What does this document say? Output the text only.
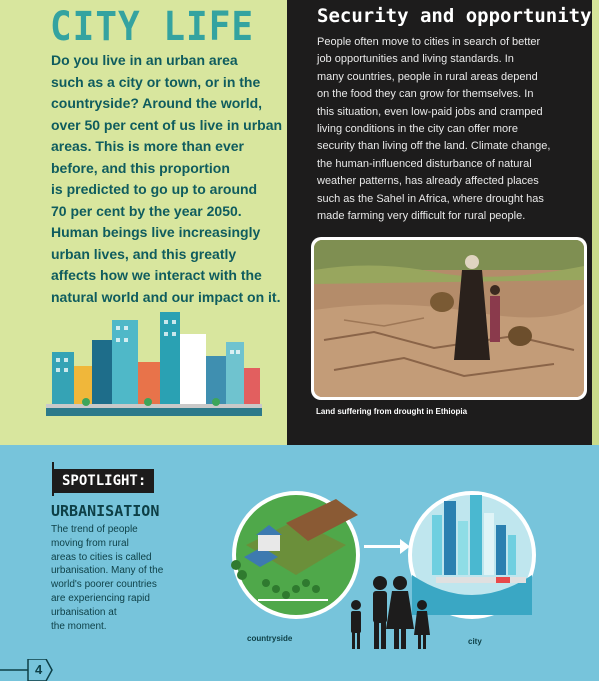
CITY LIFE
Do you live in an urban area
such as a city or town, or in the
countryside? Around the world,
over 50 per cent of us live in urban
areas. This is more than ever
before, and this proportion
is predicted to go up to around
70 per cent by the year 2050.
Human beings live increasingly
urban lives, and this greatly
affects how we interact with the
natural world and our impact on it.
Security and opportunity
People often move to cities in search of better
job opportunities and living standards. In
many countries, people in rural areas depend
on the food they can grow for themselves. In
this situation, even low-paid jobs and cramped
living conditions in the city can offer more
security than living off the land. Climate change,
the human-influenced disturbance of natural
weather patterns, has already affected places
such as the Sahel in Africa, where drought has
made farming very difficult for rural people.
Land suffering from drought in Ethiopia
SPOTLIGHT:
URBANISATION
The trend of people
moving from rural
areas to cities is called
urbanisation. Many of the
world's poorer countries
are experiencing rapid
urbanisation at
the moment.
countryside	city
4
